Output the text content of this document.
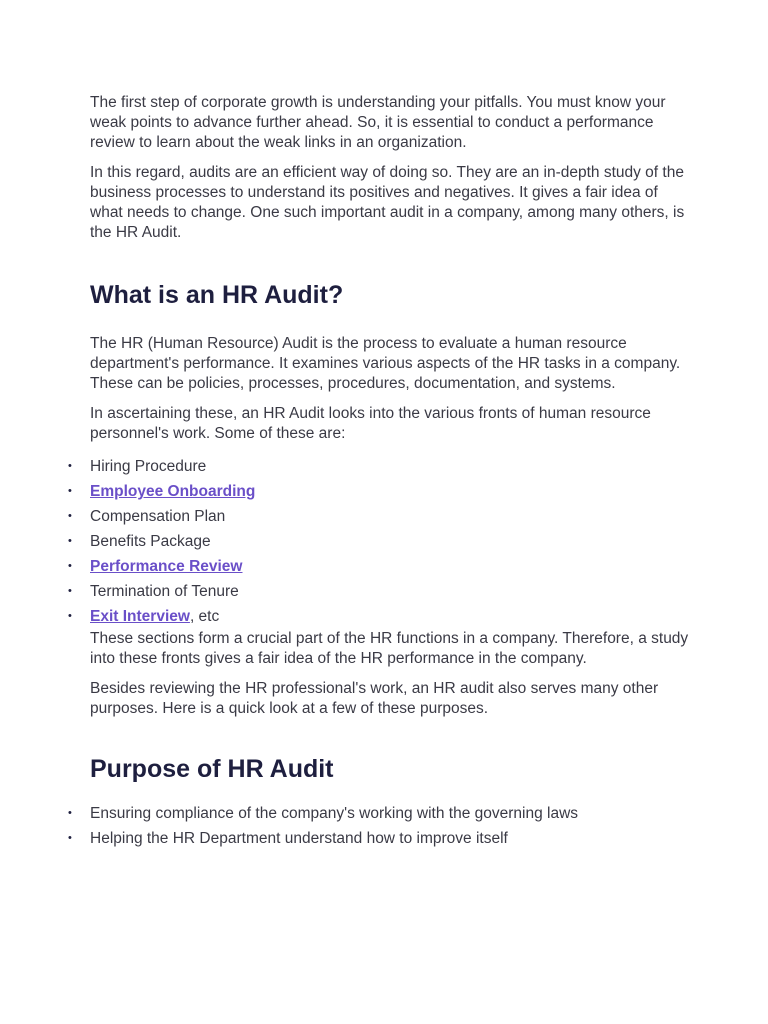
The first step of corporate growth is understanding your pitfalls. You must know your weak points to advance further ahead. So, it is essential to conduct a performance review to learn about the weak links in an organization.

In this regard, audits are an efficient way of doing so. They are an in-depth study of the business processes to understand its positives and negatives. It gives a fair idea of what needs to change. One such important audit in a company, among many others, is the HR Audit.

What is an HR Audit?

The HR (Human Resource) Audit is the process to evaluate a human resource department's performance. It examines various aspects of the HR tasks in a company. These can be policies, processes, procedures, documentation, and systems.

In ascertaining these, an HR Audit looks into the various fronts of human resource personnel's work. Some of these are:

• Hiring Procedure
• Employee Onboarding
• Compensation Plan
• Benefits Package
• Performance Review
• Termination of Tenure
• Exit Interview, etc

These sections form a crucial part of the HR functions in a company. Therefore, a study into these fronts gives a fair idea of the HR performance in the company.

Besides reviewing the HR professional's work, an HR audit also serves many other purposes. Here is a quick look at a few of these purposes.

Purpose of HR Audit
• Ensuring compliance of the company's working with the governing laws
• Helping the HR Department understand how to improve itself
